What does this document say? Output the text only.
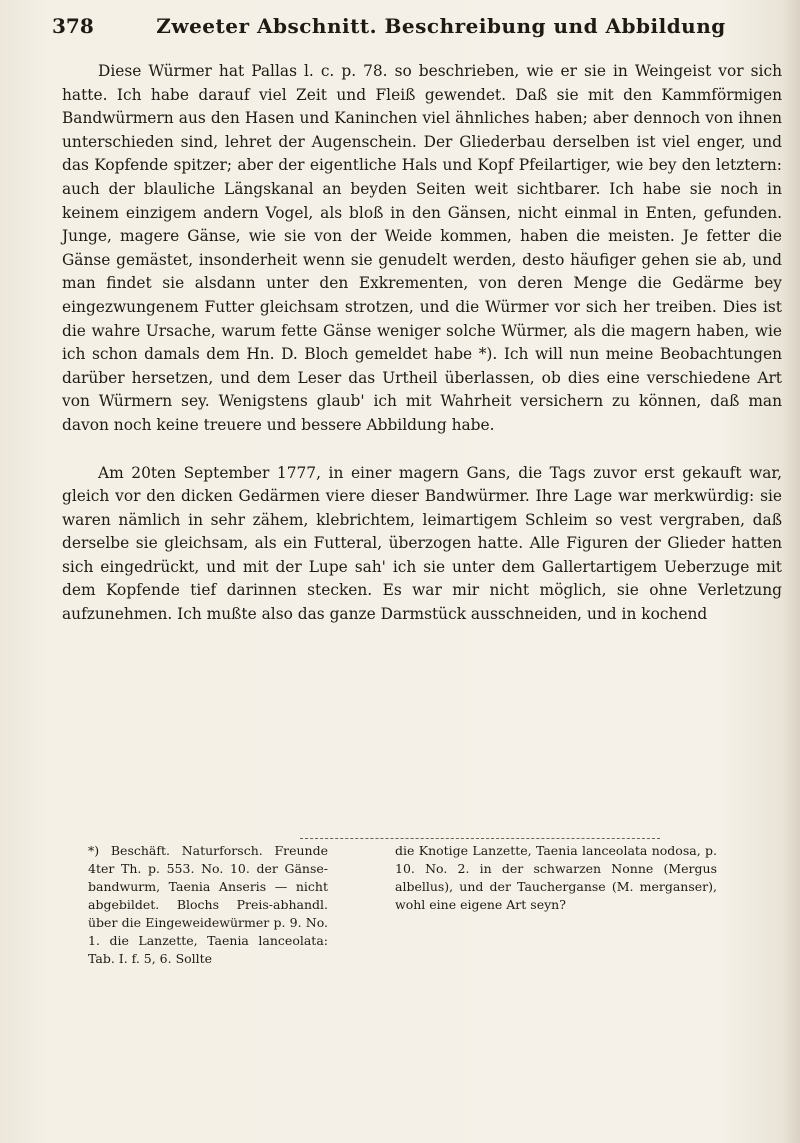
378	Zweeter Abschnitt. Beschreibung und Abbildung

Diese Würmer hat Pallas l. c. p. 78. so beschrieben, wie er sie in Weingeist vor sich hatte. Ich habe darauf viel Zeit und Fleiß gewendet. Daß sie mit den Kammförmigen Bandwürmern aus den Hasen und Kaninchen viel ähnliches haben; aber dennoch von ihnen unterschieden sind, lehret der Augenschein. Der Gliederbau derselben ist viel enger, und das Kopfende spitzer; aber der eigentliche Hals und Kopf Pfeilartiger, wie bey den letztern: auch der blauliche Längskanal an beyden Seiten weit sichtbarer. Ich habe sie noch in keinem einzigem andern Vogel, als bloß in den Gänsen, nicht einmal in Enten, gefunden. Junge, magere Gänse, wie sie von der Weide kommen, haben die meisten. Je fetter die Gänse gemästet, insonderheit wenn sie genudelt werden, desto häufiger gehen sie ab, und man findet sie alsdann unter den Exkrementen, von deren Menge die Gedärme bey eingezwungenem Futter gleichsam strotzen, und die Würmer vor sich her treiben. Dies ist die wahre Ursache, warum fette Gänse weniger solche Würmer, als die magern haben, wie ich schon damals dem Hn. D. Bloch gemeldet habe *). Ich will nun meine Beobachtungen darüber hersetzen, und dem Leser das Urtheil überlassen, ob dies eine verschiedene Art von Würmern sey. Wenigstens glaub' ich mit Wahrheit versichern zu können, daß man davon noch keine treuere und bessere Abbildung habe.

Am 20ten September 1777, in einer magern Gans, die Tags zuvor erst gekauft war, gleich vor den dicken Gedärmen viere dieser Bandwürmer. Ihre Lage war merkwürdig: sie waren nämlich in sehr zähem, klebrichtem, leimartigem Schleim so vest vergraben, daß derselbe sie gleichsam, als ein Futteral, überzogen hatte. Alle Figuren der Glieder hatten sich eingedrückt, und mit der Lupe sah' ich sie unter dem Gallertartigem Ueberzuge mit dem Kopfende tief darinnen stecken. Es war mir nicht möglich, sie ohne Verletzung aufzunehmen. Ich mußte also das ganze Darmstück ausschneiden, und in kochend

*) Beschäft. Naturforsch. Freunde 4ter Th. p. 553. No. 10. der Gänse-bandwurm, Taenia Anseris — nicht abgebildet. Blochs Preis-abhandl. über die Eingeweidewürmer p. 9. No. 1. die Lanzette, Taenia lanceolata: Tab. I. f. 5, 6. Sollte
die Knotige Lanzette, Taenia lanceolata nodosa, p. 10. No. 2. in der schwarzen Nonne (Mergus albellus), und der Taucherganse (M. merganser), wohl eine eigene Art seyn?
